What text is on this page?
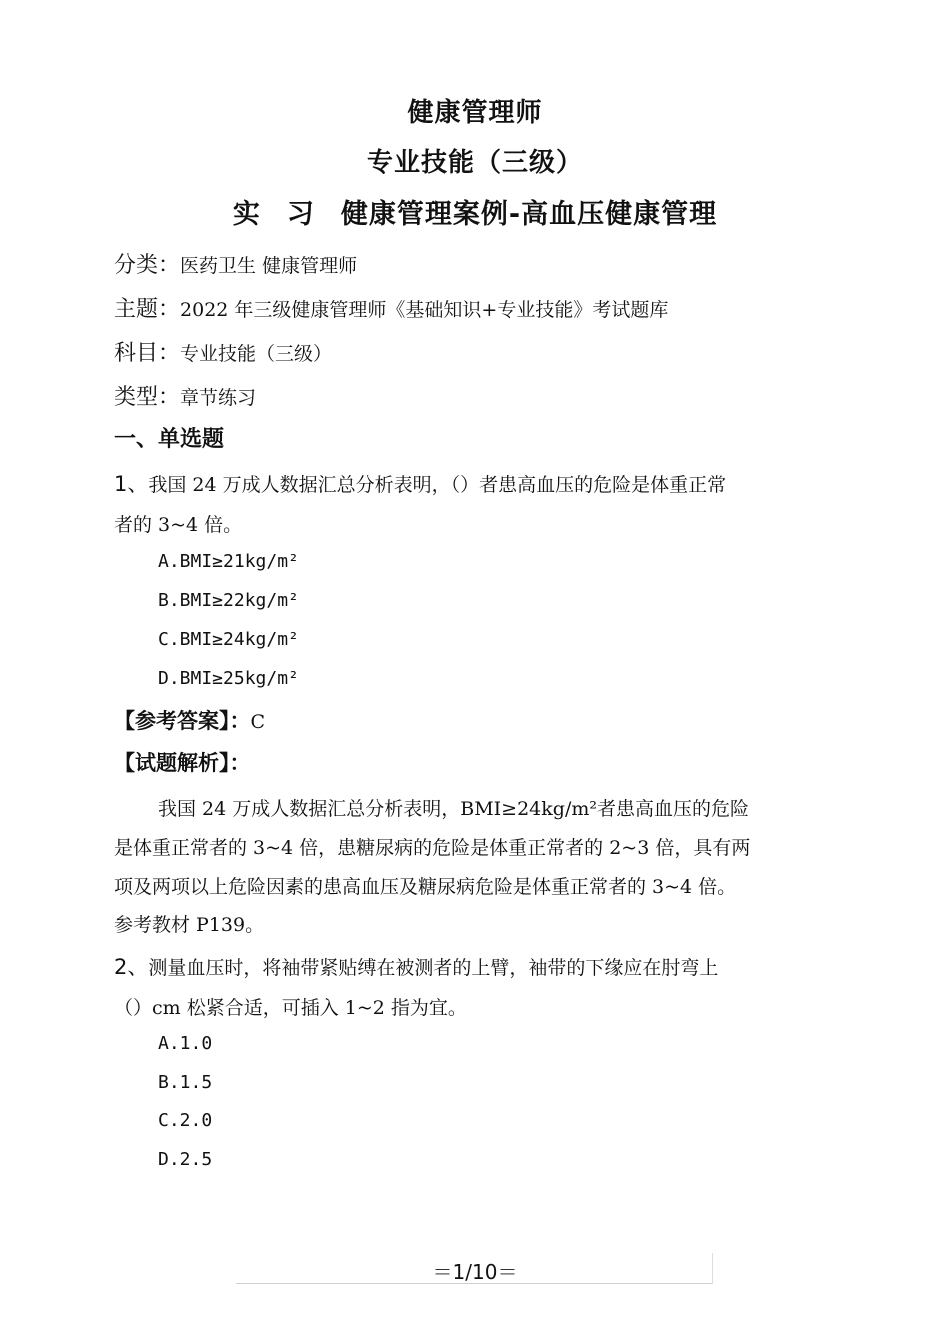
健康管理师
专业技能（三级）
实 习 健康管理案例-高血压健康管理
分类：医药卫生 健康管理师
主题：2022 年三级健康管理师《基础知识+专业技能》考试题库
科目：专业技能（三级）
类型：章节练习
一、单选题
1、我国 24 万成人数据汇总分析表明，（）者患高血压的危险是体重正常
者的 3~4 倍。
A.BMI≥21kg/m²
B.BMI≥22kg/m²
C.BMI≥24kg/m²
D.BMI≥25kg/m²
【参考答案】：C
【试题解析】：
我国 24 万成人数据汇总分析表明，BMI≥24kg/m²者患高血压的危险
是体重正常者的 3~4 倍，患糖尿病的危险是体重正常者的 2~3 倍，具有两
项及两项以上危险因素的患高血压及糖尿病危险是体重正常者的 3~4 倍。
参考教材 P139。
2、测量血压时，将袖带紧贴缚在被测者的上臂，袖带的下缘应在肘弯上
（）cm 松紧合适，可插入 1~2 指为宜。
A.1.0
B.1.5
C.2.0
D.2.5
＝1/10＝
